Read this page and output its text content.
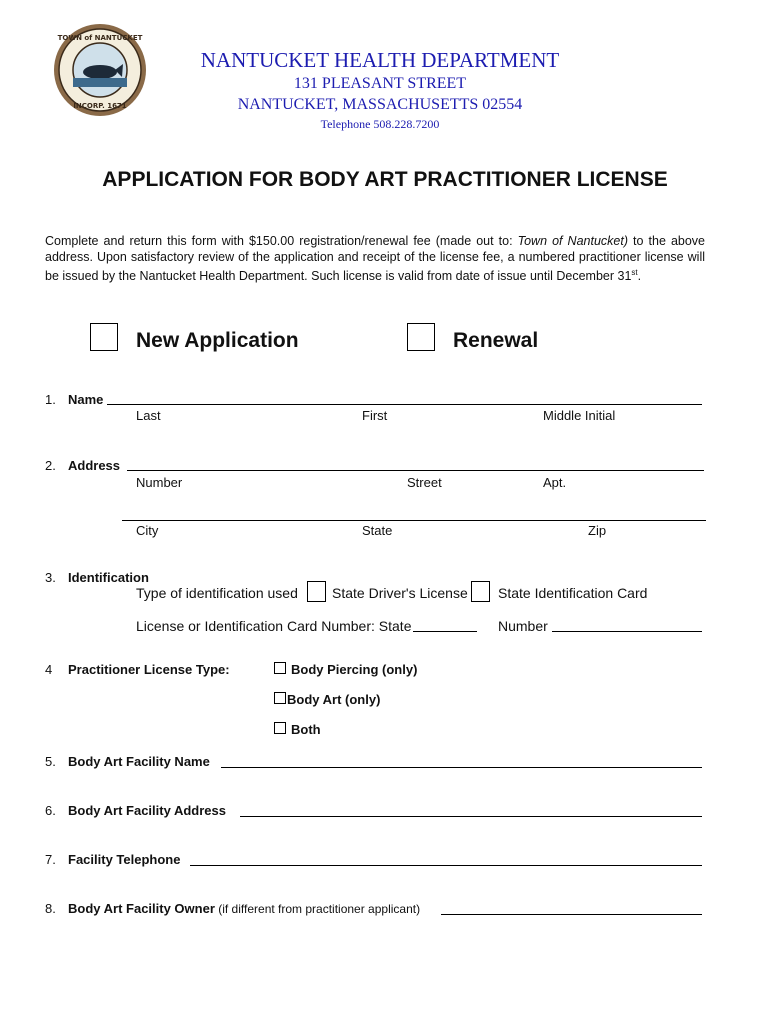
TOWN of NANTUCKET
INCORP. 1671
NANTUCKET HEALTH DEPARTMENT
131 PLEASANT STREET
NANTUCKET, MASSACHUSETTS 02554
Telephone 508.228.7200
APPLICATION FOR BODY ART PRACTITIONER LICENSE
Complete and return this form with $150.00 registration/renewal fee (made out to: Town of Nantucket) to the above address. Upon satisfactory review of the application and receipt of the license fee, a numbered practitioner license will be issued by the Nantucket Health Department. Such license is valid from date of issue until December 31st.
New Application	Renewal
1. Name
Last	First	Middle Initial
2. Address
Number	Street	Apt.
City	State	Zip
3. Identification
Type of identification used State Driver's License State Identification Card
License or Identification Card Number: State	Number
4 Practitioner License Type:	Body Piercing (only)
Body Art (only)
Both
5. Body Art Facility Name
6. Body Art Facility Address
7. Facility Telephone
8. Body Art Facility Owner (if different from practitioner applicant)
